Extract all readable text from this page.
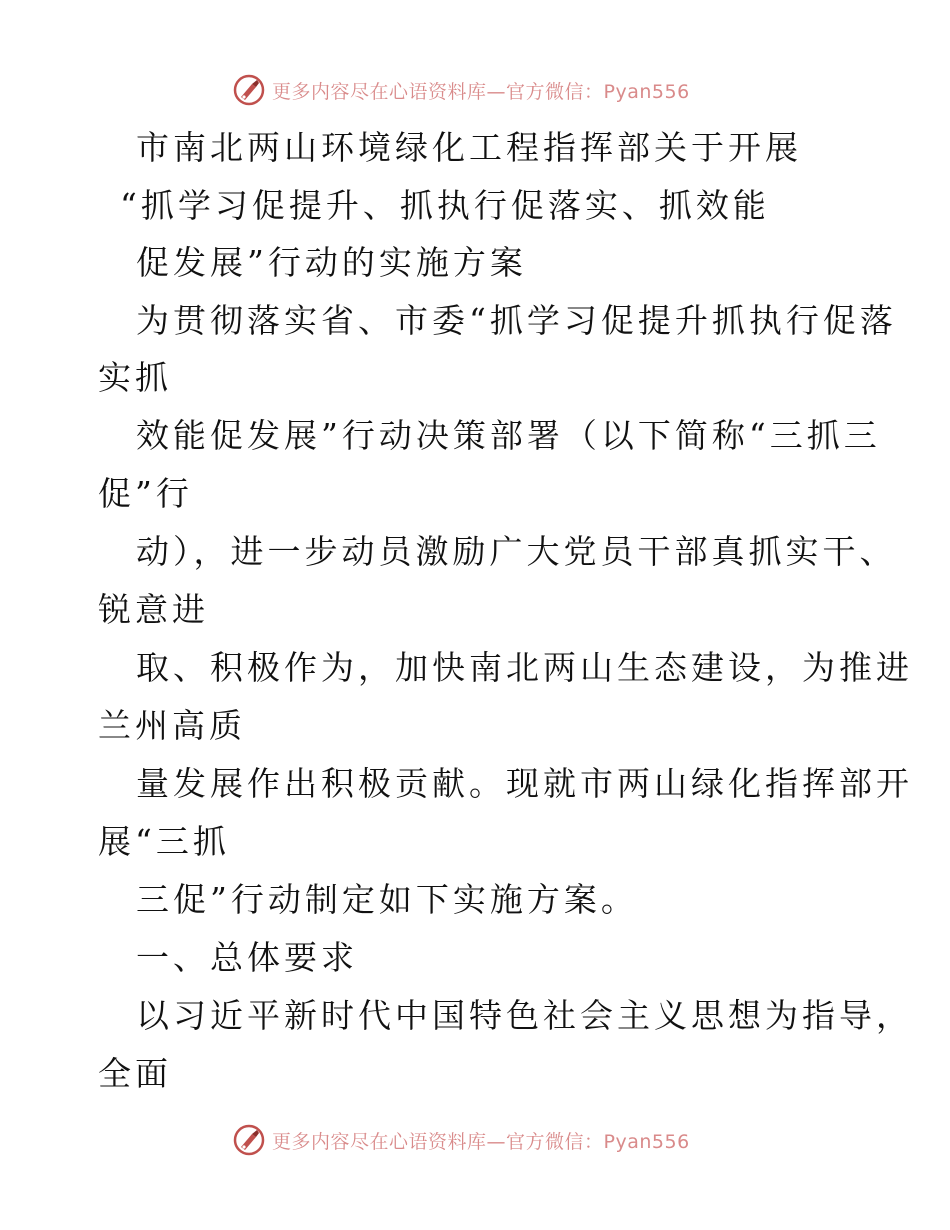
更多内容尽在心语资料库—官方微信：Pyan556
市南北两山环境绿化工程指挥部关于开展
“抓学习促提升、抓执行促落实、抓效能
促发展”行动的实施方案
为贯彻落实省、市委“抓学习促提升抓执行促落
实抓
效能促发展”行动决策部署（以下简称“三抓三
促”行
动），进一步动员激励广大党员干部真抓实干、
锐意进
取、积极作为，加快南北两山生态建设，为推进
兰州高质
量发展作出积极贡献。现就市两山绿化指挥部开
展“三抓
三促”行动制定如下实施方案。
一、总体要求
以习近平新时代中国特色社会主义思想为指导，
全面
更多内容尽在心语资料库—官方微信：Pyan556
